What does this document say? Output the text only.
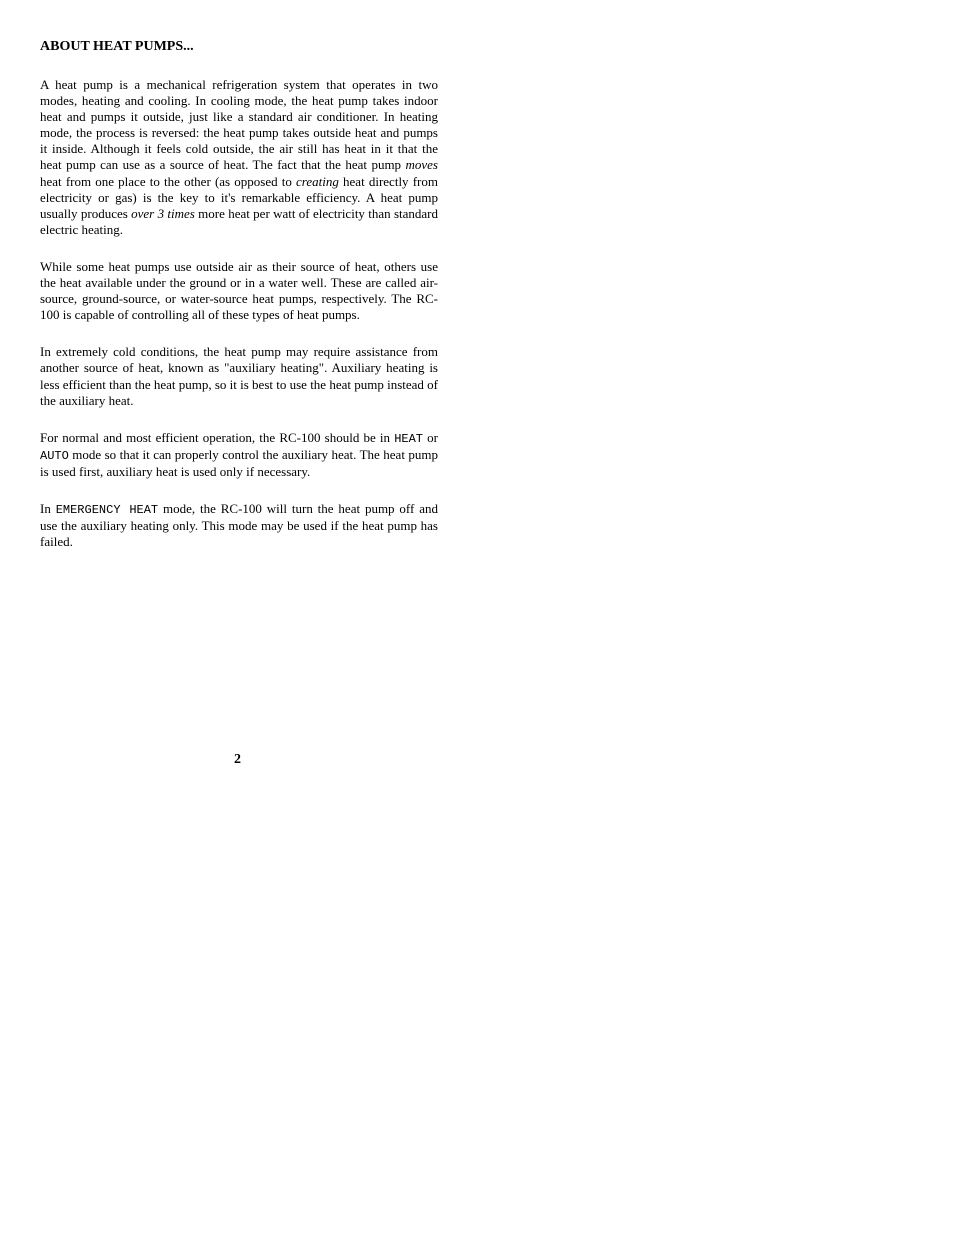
ABOUT HEAT PUMPS...

A heat pump is a mechanical refrigeration system that operates in two modes, heating and cooling. In cooling mode, the heat pump takes indoor heat and pumps it outside, just like a standard air conditioner. In heating mode, the process is reversed: the heat pump takes outside heat and pumps it inside. Although it feels cold outside, the air still has heat in it that the heat pump can use as a source of heat. The fact that the heat pump moves heat from one place to the other (as opposed to creating heat directly from electricity or gas) is the key to it's remarkable efficiency. A heat pump usually produces over 3 times more heat per watt of electricity than standard electric heating.

While some heat pumps use outside air as their source of heat, others use the heat available under the ground or in a water well. These are called air-source, ground-source, or water-source heat pumps, respectively. The RC-100 is capable of controlling all of these types of heat pumps.

In extremely cold conditions, the heat pump may require assistance from another source of heat, known as "auxiliary heating". Auxiliary heating is less efficient than the heat pump, so it is best to use the heat pump instead of the auxiliary heat.

For normal and most efficient operation, the RC-100 should be in HEAT or AUTO mode so that it can properly control the auxiliary heat. The heat pump is used first, auxiliary heat is used only if necessary.

In EMERGENCY HEAT mode, the RC-100 will turn the heat pump off and use the auxiliary heating only. This mode may be used if the heat pump has failed.

2
